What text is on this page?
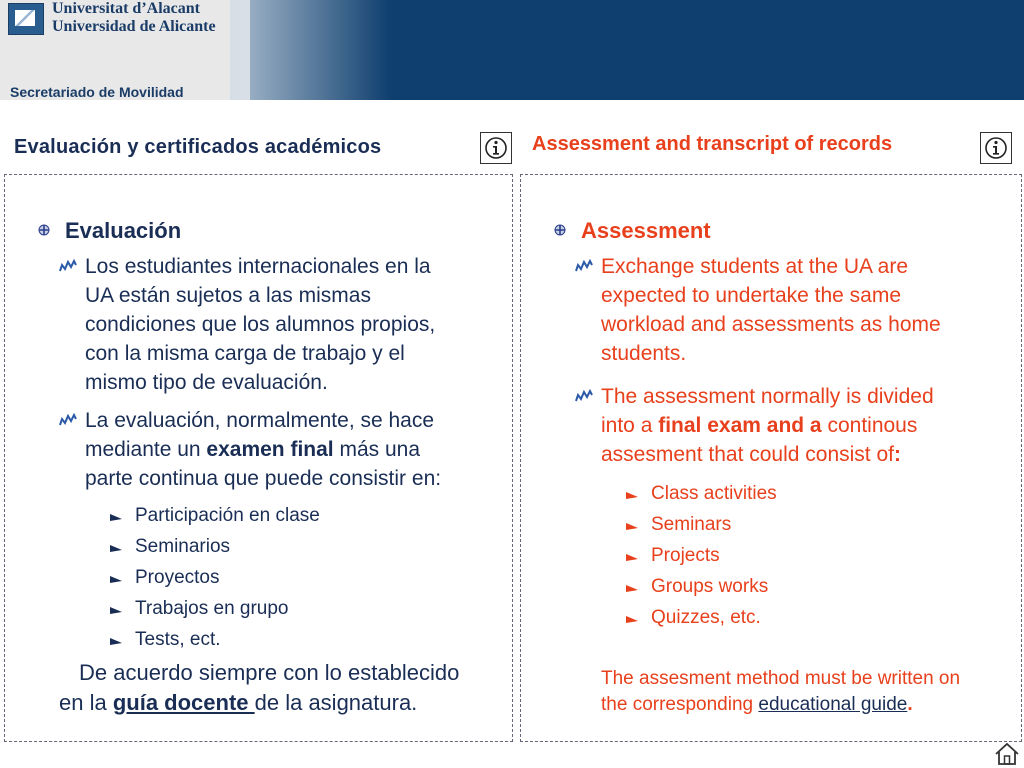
Universitat d’Alacant
Universidad de Alicante
Secretariado de Movilidad
Evaluación y certificados académicos	Assessment and transcript of records
Evaluación
Los estudiantes internacionales en la
UA están sujetos a las mismas
condiciones que los alumnos propios,
con la misma carga de trabajo y el
mismo tipo de evaluación.
La evaluación, normalmente, se hace
mediante un examen final más una
parte continua que puede consistir en:
Participación en clase
Seminarios
Proyectos
Trabajos en grupo
Tests, ect.
De acuerdo siempre con lo establecido
en la guía docente de la asignatura.
Assessment
Exchange students at the UA are
expected to undertake the same
workload and assessments as home
students.
The assessment normally is divided
into a final exam and a continous
assesment that could consist of:
Class activities
Seminars
Projects
Groups works
Quizzes, etc.
The assesment method must be written on
the corresponding educational guide.
